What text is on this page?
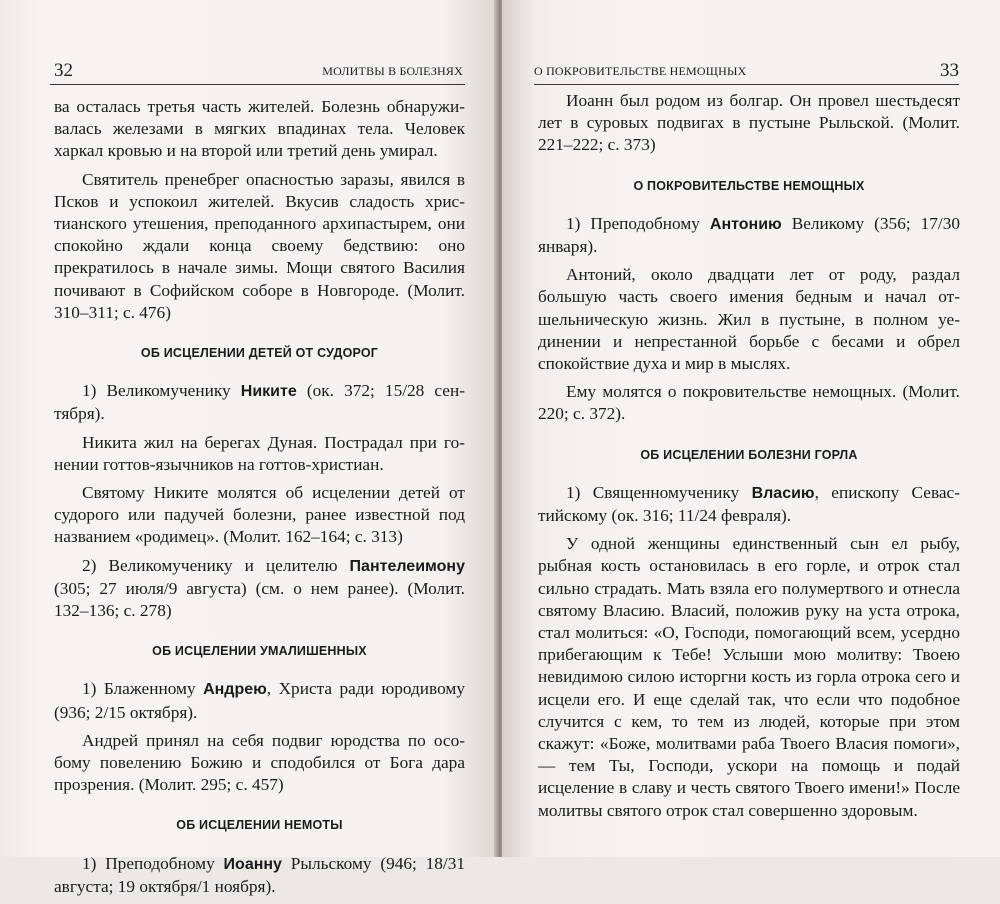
32	МОЛИТВЫ В БОЛЕЗНЯХ

ва осталась третья часть жителей. Болезнь обнаруживалась железами в мягких впадинах тела. Человек харкал кровью и на второй или третий день умирал.

Святитель пренебрег опасностью заразы, явился в Псков и успокоил жителей. Вкусив сладость христианского утешения, преподанного архипастырем, они спокойно ждали конца своему бедствию: оно прекратилось в начале зимы. Мощи святого Василия почивают в Софийском соборе в Новгороде. (Молит. 310–311; с. 476)

ОБ ИСЦЕЛЕНИИ ДЕТЕЙ ОТ СУДОРОГ

1) Великомученику Никите (ок. 372; 15/28 сентября).

Никита жил на берегах Дуная. Пострадал при гонении готтов-язычников на готтов-христиан.

Святому Никите молятся об исцелении детей от судорого или падучей болезни, ранее известной под названием «родимец». (Молит. 162–164; с. 313)

2) Великомученику и целителю Пантелеимону (305; 27 июля/9 августа) (см. о нем ранее). (Молит. 132–136; с. 278)

ОБ ИСЦЕЛЕНИИ УМАЛИШЕННЫХ

1) Блаженному Андрею, Христа ради юродивому (936; 2/15 октября).

Андрей принял на себя подвиг юродства по особому повелению Божию и сподобился от Бога дара прозрения. (Молит. 295; с. 457)

ОБ ИСЦЕЛЕНИИ НЕМОТЫ

1) Преподобному Иоанну Рыльскому (946; 18/31 августа; 19 октября/1 ноября).

О ПОКРОВИТЕЛЬСТВЕ НЕМОЩНЫХ	33

Иоанн был родом из болгар. Он провел шестьдесят лет в суровых подвигах в пустыне Рыльской. (Молит. 221–222; с. 373)

О ПОКРОВИТЕЛЬСТВЕ НЕМОЩНЫХ

1) Преподобному Антонию Великому (356; 17/30 января).

Антоний, около двадцати лет от роду, раздал большую часть своего имения бедным и начал отшельническую жизнь. Жил в пустыне, в полном уединении и непрестанной борьбе с бесами и обрел спокойствие духа и мир в мыслях.

Ему молятся о покровительстве немощных. (Молит. 220; с. 372).

ОБ ИСЦЕЛЕНИИ БОЛЕЗНИ ГОРЛА

1) Священномученику Власию, епископу Севастийскому (ок. 316; 11/24 февраля).

У одной женщины единственный сын ел рыбу, рыбная кость остановилась в его горле, и отрок стал сильно страдать. Мать взяла его полумертвого и отнесла святому Власию. Власий, положив руку на уста отрока, стал молиться: «О, Господи, помогающий всем, усердно прибегающим к Тебе! Услыши мою молитву: Твоею невидимою силою исторгни кость из горла отрока сего и исцели его. И еще сделай так, что если что подобное случится с кем, то тем из людей, которые при этом скажут: «Боже, молитвами раба Твоего Власия помоги», — тем Ты, Господи, ускори на помощь и подай исцеление в славу и честь святого Твоего имени!» После молитвы святого отрок стал совершенно здоровым.
